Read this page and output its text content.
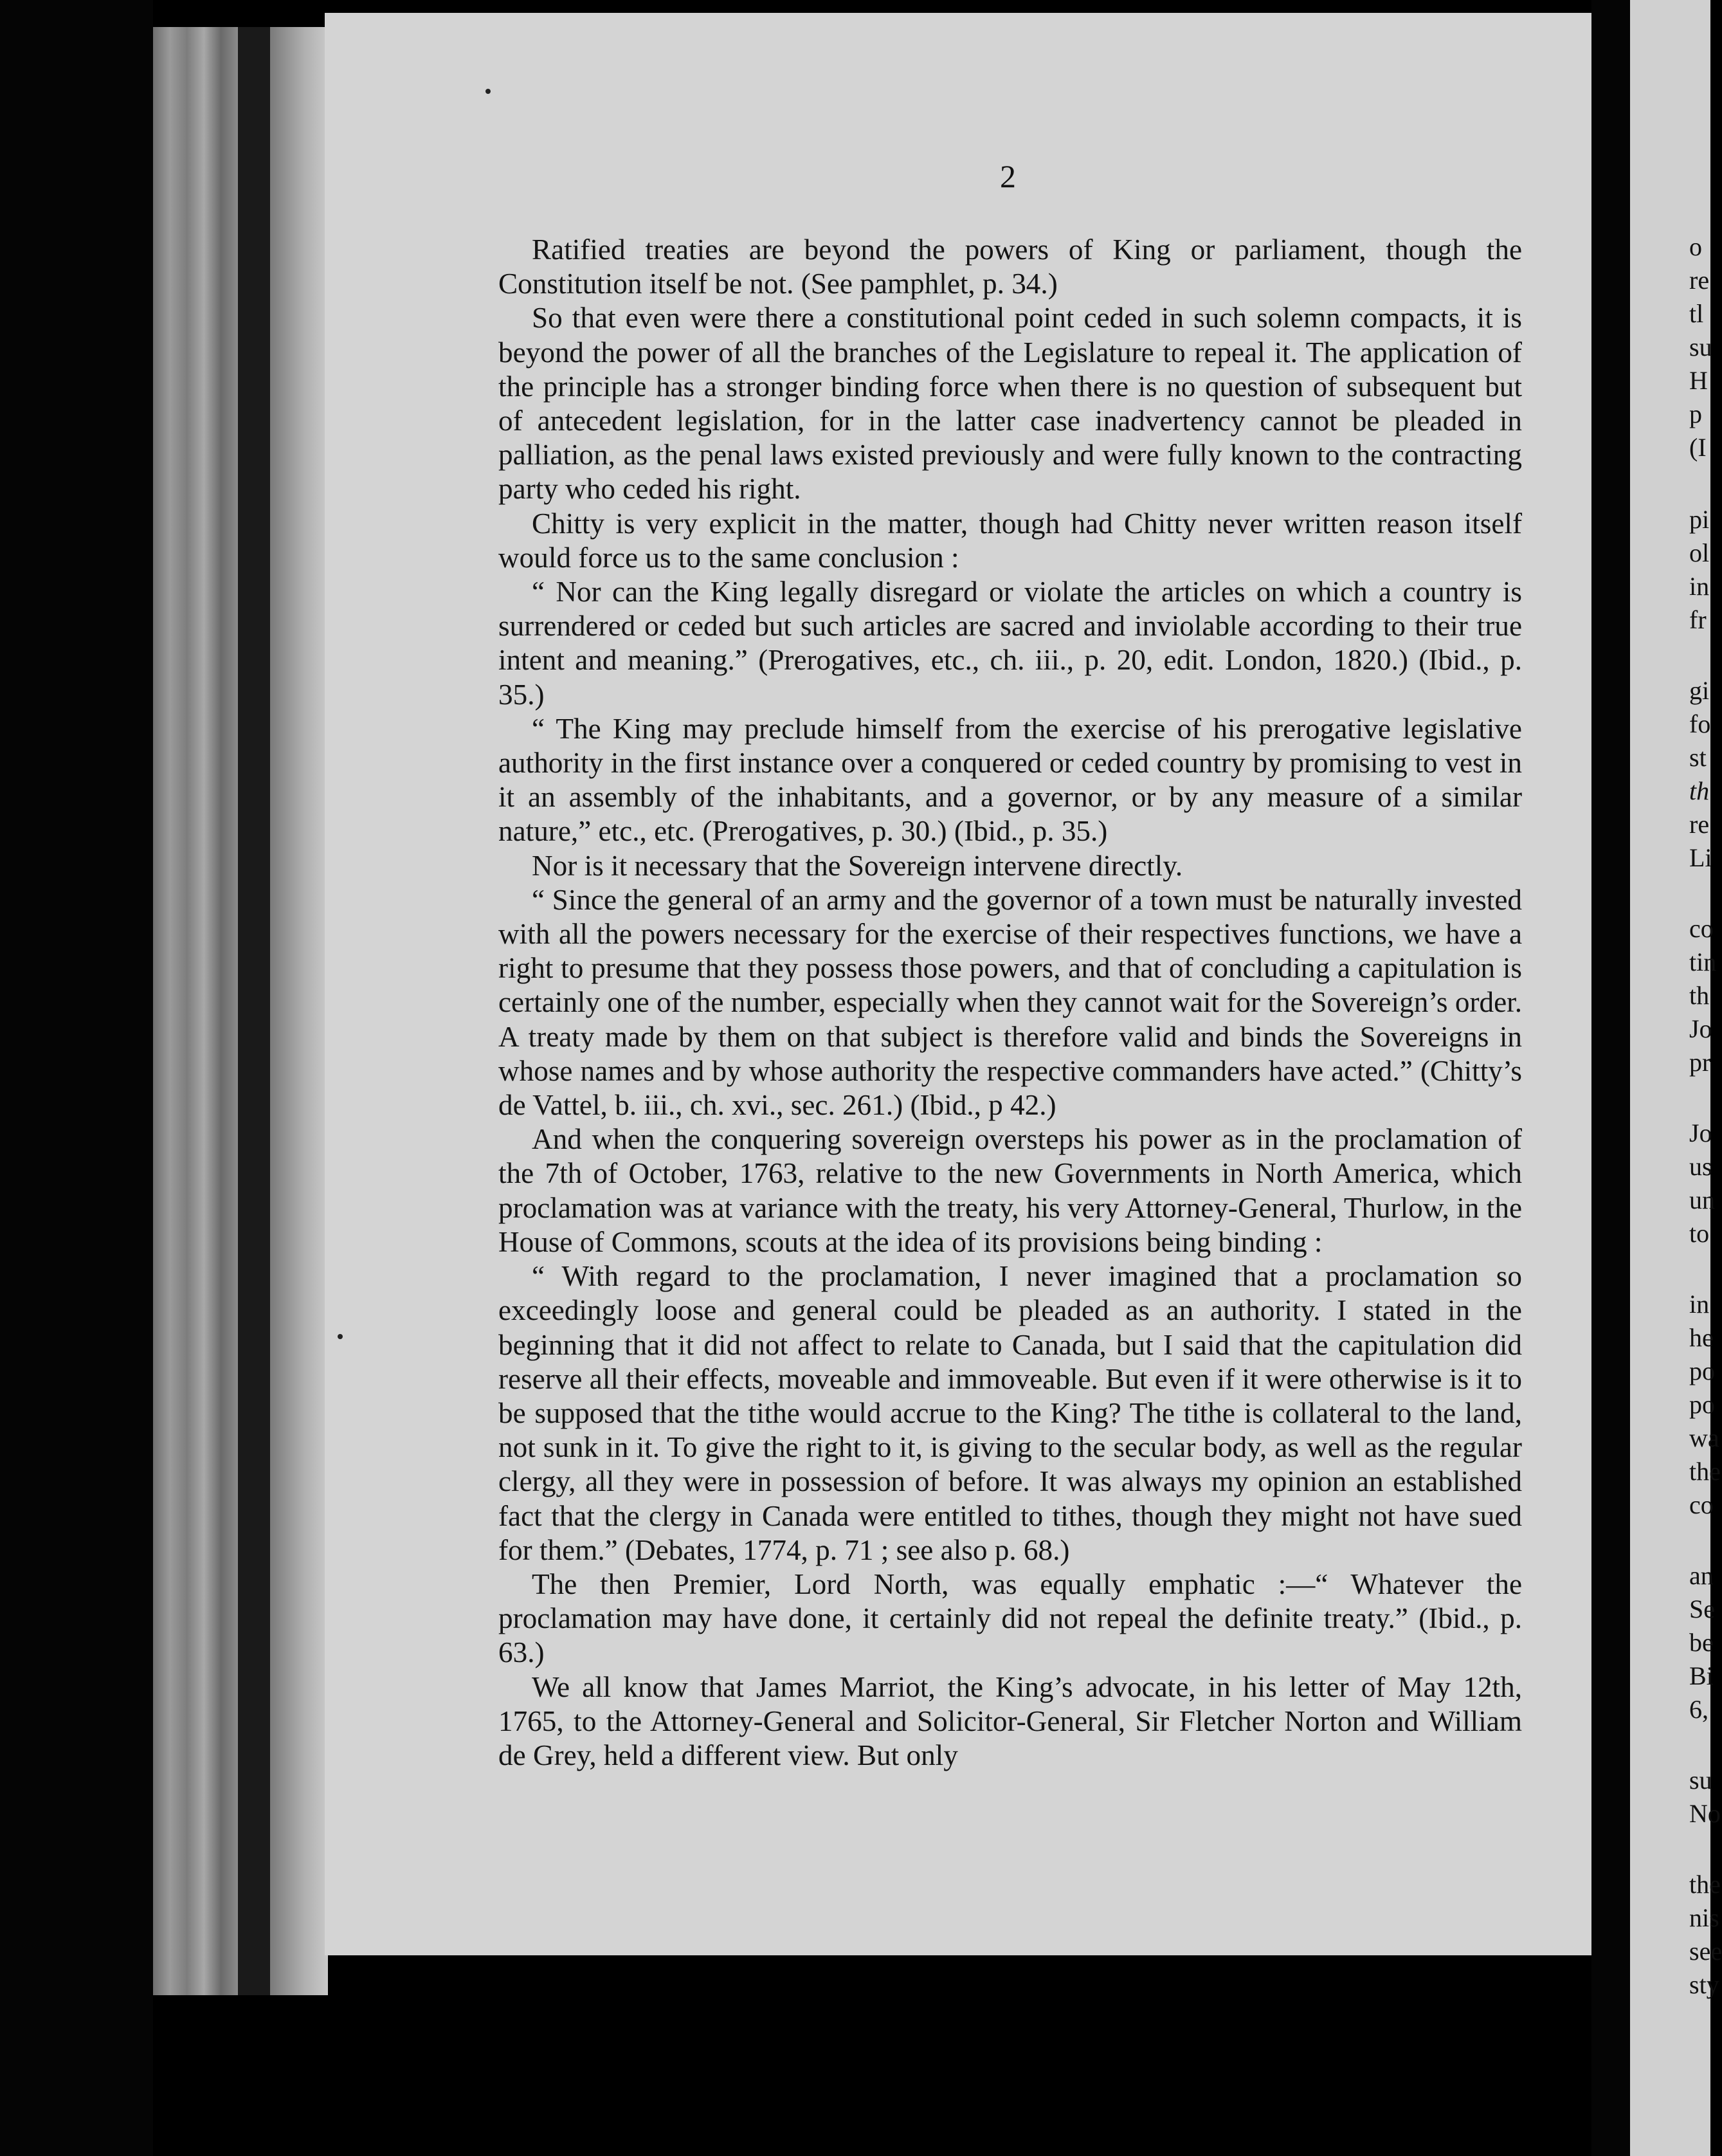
2

Ratified treaties are beyond the powers of King or parliament, though the Constitution itself be not. (See pamphlet, p. 34.)

So that even were there a constitutional point ceded in such solemn compacts, it is beyond the power of all the branches of the Legislature to repeal it. The application of the principle has a stronger binding force when there is no question of subsequent but of antecedent legislation, for in the latter case inadvertency cannot be pleaded in palliation, as the penal laws existed previously and were fully known to the contracting party who ceded his right.

Chitty is very explicit in the matter, though had Chitty never written reason itself would force us to the same conclusion :

“ Nor can the King legally disregard or violate the articles on which a country is surrendered or ceded but such articles are sacred and inviolable according to their true intent and meaning.” (Prerogatives, etc., ch. iii., p. 20, edit. London, 1820.) (Ibid., p. 35.)

“ The King may preclude himself from the exercise of his prerogative legislative authority in the first instance over a conquered or ceded country by promising to vest in it an assembly of the inhabitants, and a governor, or by any measure of a similar nature,” etc., etc. (Prerogatives, p. 30.) (Ibid., p. 35.)

Nor is it necessary that the Sovereign intervene directly.

“ Since the general of an army and the governor of a town must be naturally invested with all the powers necessary for the exercise of their respectives functions, we have a right to presume that they possess those powers, and that of concluding a capitulation is certainly one of the number, especially when they cannot wait for the Sovereign’s order. A treaty made by them on that subject is therefore valid and binds the Sovereigns in whose names and by whose authority the respective commanders have acted.” (Chitty’s de Vattel, b. iii., ch. xvi., sec. 261.) (Ibid., p 42.)

And when the conquering sovereign oversteps his power as in the proclamation of the 7th of October, 1763, relative to the new Governments in North America, which proclamation was at variance with the treaty, his very Attorney-General, Thurlow, in the House of Commons, scouts at the idea of its provisions being binding :

“ With regard to the proclamation, I never imagined that a proclamation so exceedingly loose and general could be pleaded as an authority. I stated in the beginning that it did not affect to relate to Canada, but I said that the capitulation did reserve all their effects, moveable and immoveable. But even if it were otherwise is it to be supposed that the tithe would accrue to the King? The tithe is collateral to the land, not sunk in it. To give the right to it, is giving to the secular body, as well as the regular clergy, all they were in possession of before. It was always my opinion an established fact that the clergy in Canada were entitled to tithes, though they might not have sued for them.” (Debates, 1774, p. 71 ; see also p. 68.)

The then Premier, Lord North, was equally emphatic :—“ Whatever the proclamation may have done, it certainly did not repeal the definite treaty.” (Ibid., p. 63.)

We all know that James Marriot, the King’s advocate, in his letter of May 12th, 1765, to the Attorney-General and Solicitor-General, Sir Fletcher Norton and William de Grey, held a different view. But only

o
re
tl
su
H
p
(I
pi
ol
in
fr
gi
fo
st
th
re
Li
co
tin
th
Jo
pr
Jo
us
un
to
in
he
po
po
wa
the
co
an
Se
be
Bi
6,
su
No
the
nis
see
sty
